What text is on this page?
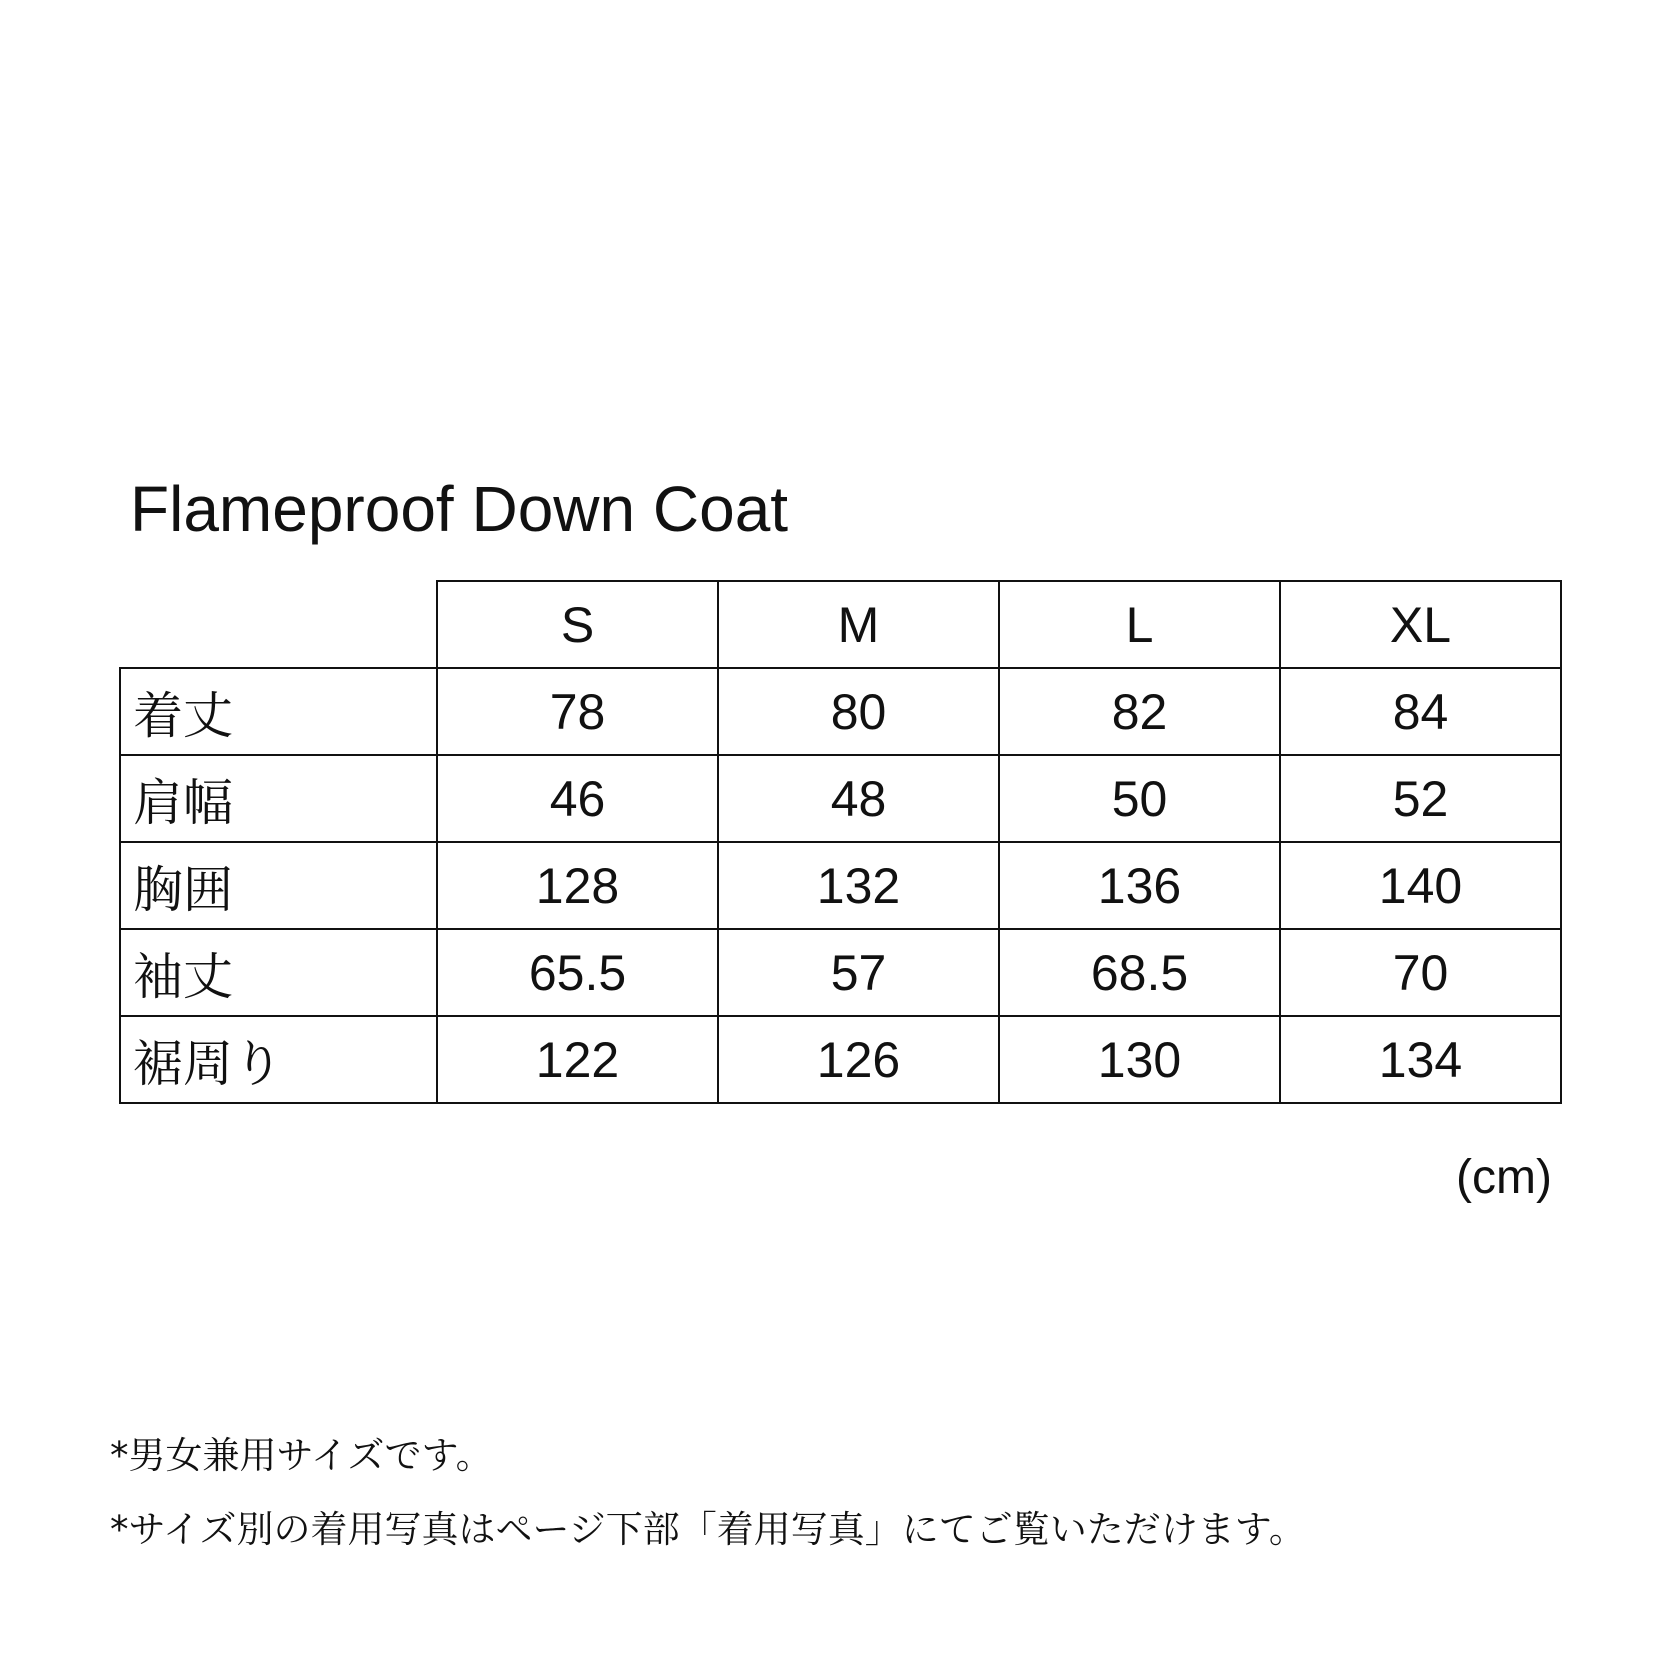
Flameproof Down Coat
	S	M	L	XL
着丈	78	80	82	84
肩幅	46	48	50	52
胸囲	128	132	136	140
袖丈	65.5	57	68.5	70
裾周り	122	126	130	134
(cm)
*男女兼用サイズです。
*サイズ別の着用写真はページ下部「着用写真」にてご覧いただけます。
